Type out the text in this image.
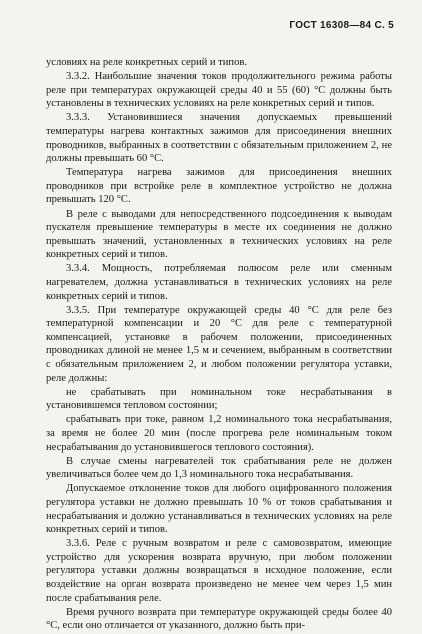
ГОСТ 16308—84 С. 5

условиях на реле конкретных серий и типов.

3.3.2. Наибольшие значения токов продолжительного режима работы реле при температурах окружающей среды 40 и 55 (60) °С должны быть установлены в технических условиях на реле конкретных серий и типов.

3.3.3. Установившиеся значения допускаемых превышений температуры нагрева контактных зажимов для присоединения внешних проводников, выбранных в соответствии с обязательным приложением 2, не должны превышать 60 °С.

Температура нагрева зажимов для присоединения внешних проводников при встройке реле в комплектное устройство не должна превышать 120 °С.

В реле с выводами для непосредственного подсоединения к выводам пускателя превышение температуры в месте их соединения не должно превышать значений, установленных в технических условиях на реле конкретных серий и типов.

3.3.4. Мощность, потребляемая полюсом реле или сменным нагревателем, должна устанавливаться в технических условиях на реле конкретных серий и типов.

3.3.5. При температуре окружающей среды 40 °С для реле без температурной компенсации и 20 °С для реле с температурной компенсацией, установке в рабочем положении, присоединенных проводниках длиной не менее 1,5 м и сечением, выбранным в соответствии с обязательным приложением 2, и любом положении регулятора уставки, реле должны:

не срабатывать при номинальном токе несрабатывания в установившемся тепловом состоянии;

срабатывать при токе, равном 1,2 номинального тока несрабатывания, за время не более 20 мин (после прогрева реле номинальным током несрабатывания до установившегося теплового состояния).

В случае смены нагревателей ток срабатывания реле не должен увеличиваться более чем до 1,3 номинального тока несрабатывания.

Допускаемое отклонение токов для любого оцифрованного положения регулятора уставки не должно превышать 10 % от токов срабатывания и несрабатывания и должно устанавливаться в технических условиях на реле конкретных серий и типов.

3.3.6. Реле с ручным возвратом и реле с самовозвратом, имеющие устройство для ускорения возврата вручную, при любом положении регулятора уставки должны возвращаться в исходное положение, если воздействие на орган возврата произведено не менее чем через 1,5 мин после срабатывания реле.

Время ручного возврата при температуре окружающей среды более 40 °С, если оно отличается от указанного, должно быть при-
